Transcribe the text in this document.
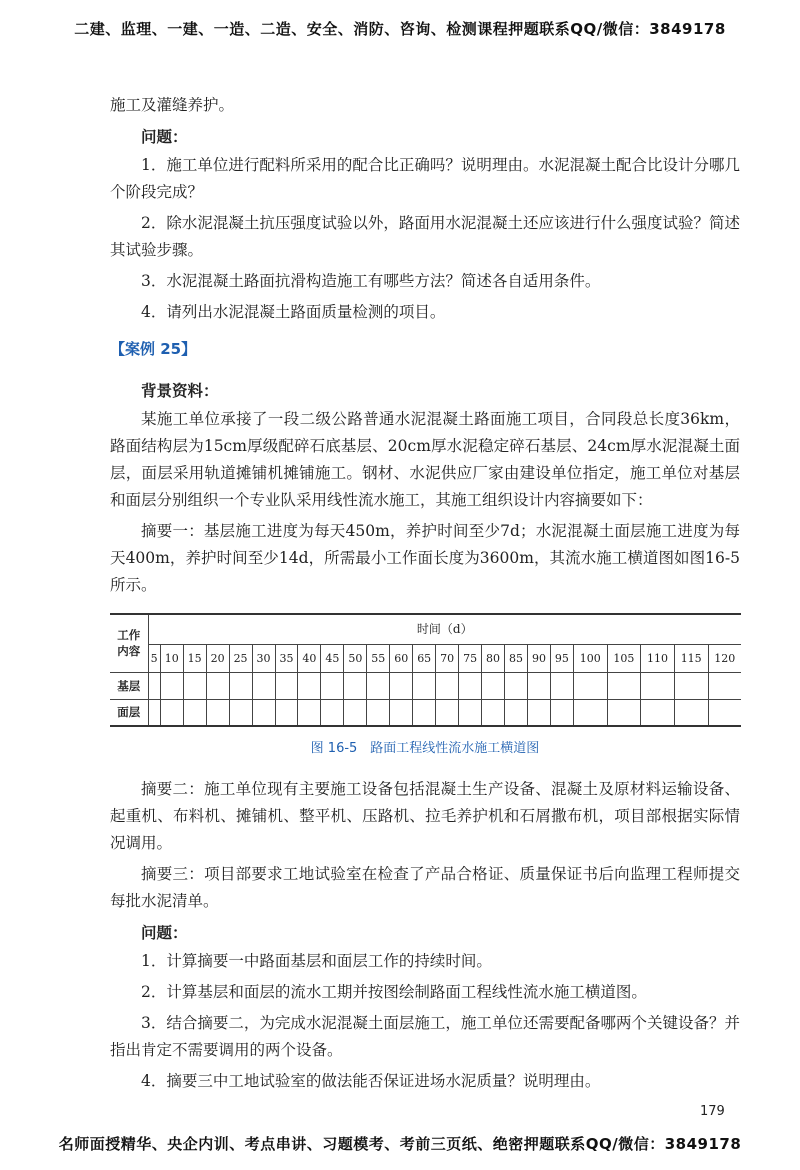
二建、监理、一建、一造、二造、安全、消防、咨询、检测课程押题联系QQ/微信：3849178
施工及灌缝养护。
问题：
1．施工单位进行配料所采用的配合比正确吗？说明理由。水泥混凝土配合比设计分哪几个阶段完成？
2．除水泥混凝土抗压强度试验以外，路面用水泥混凝土还应该进行什么强度试验？简述其试验步骤。
3．水泥混凝土路面抗滑构造施工有哪些方法？简述各自适用条件。
4．请列出水泥混凝土路面质量检测的项目。
【案例 25】
背景资料：
某施工单位承接了一段二级公路普通水泥混凝土路面施工项目，合同段总长度36km，路面结构层为15cm厚级配碎石底基层、20cm厚水泥稳定碎石基层、24cm厚水泥混凝土面层，面层采用轨道摊铺机摊铺施工。钢材、水泥供应厂家由建设单位指定，施工单位对基层和面层分别组织一个专业队采用线性流水施工，其施工组织设计内容摘要如下：
摘要一：基层施工进度为每天450m，养护时间至少7d；水泥混凝土面层施工进度为每天400m，养护时间至少14d，所需最小工作面长度为3600m，其流水施工横道图如图16-5所示。
工作
内容	时间（d）																							
	5	10	15	20	25	30	35	40	45	50	55	60	65	70	75	80	85	90	95	100	105	110	115	120
基层																								
面层																								
图 16-5　路面工程线性流水施工横道图
摘要二：施工单位现有主要施工设备包括混凝土生产设备、混凝土及原材料运输设备、起重机、布料机、摊铺机、整平机、压路机、拉毛养护机和石屑撒布机，项目部根据实际情况调用。
摘要三：项目部要求工地试验室在检查了产品合格证、质量保证书后向监理工程师提交每批水泥清单。
问题：
1．计算摘要一中路面基层和面层工作的持续时间。
2．计算基层和面层的流水工期并按图绘制路面工程线性流水施工横道图。
3．结合摘要二，为完成水泥混凝土面层施工，施工单位还需要配备哪两个关键设备？并指出肯定不需要调用的两个设备。
4．摘要三中工地试验室的做法能否保证进场水泥质量？说明理由。
179
名师面授精华、央企内训、考点串讲、习题模考、考前三页纸、绝密押题联系QQ/微信：3849178
